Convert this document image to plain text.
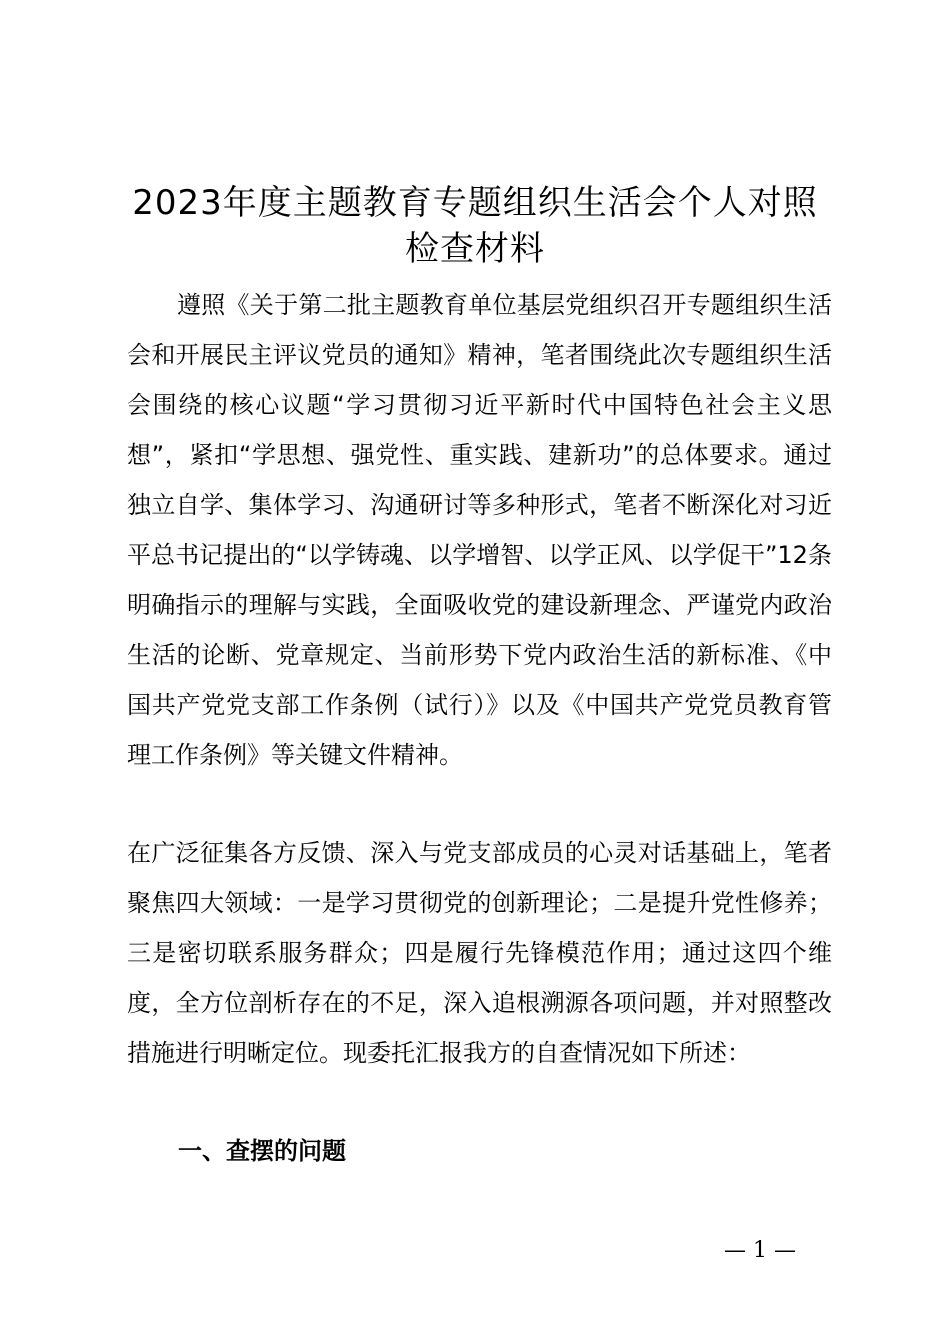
2023年度主题教育专题组织生活会个人对照
检查材料

遵照《关于第二批主题教育单位基层党组织召开专题组织生活会和开展民主评议党员的通知》精神，笔者围绕此次专题组织生活会围绕的核心议题“学习贯彻习近平新时代中国特色社会主义思想”，紧扣“学思想、强党性、重实践、建新功”的总体要求。通过独立自学、集体学习、沟通研讨等多种形式，笔者不断深化对习近平总书记提出的“以学铸魂、以学增智、以学正风、以学促干”12条明确指示的理解与实践，全面吸收党的建设新理念、严谨党内政治生活的论断、党章规定、当前形势下党内政治生活的新标准、《中国共产党党支部工作条例（试行）》以及《中国共产党党员教育管理工作条例》等关键文件精神。

在广泛征集各方反馈、深入与党支部成员的心灵对话基础上，笔者聚焦四大领域：一是学习贯彻党的创新理论；二是提升党性修养；三是密切联系服务群众；四是履行先锋模范作用；通过这四个维度，全方位剖析存在的不足，深入追根溯源各项问题，并对照整改措施进行明晰定位。现委托汇报我方的自查情况如下所述：

一、查摆的问题
— 1 —
